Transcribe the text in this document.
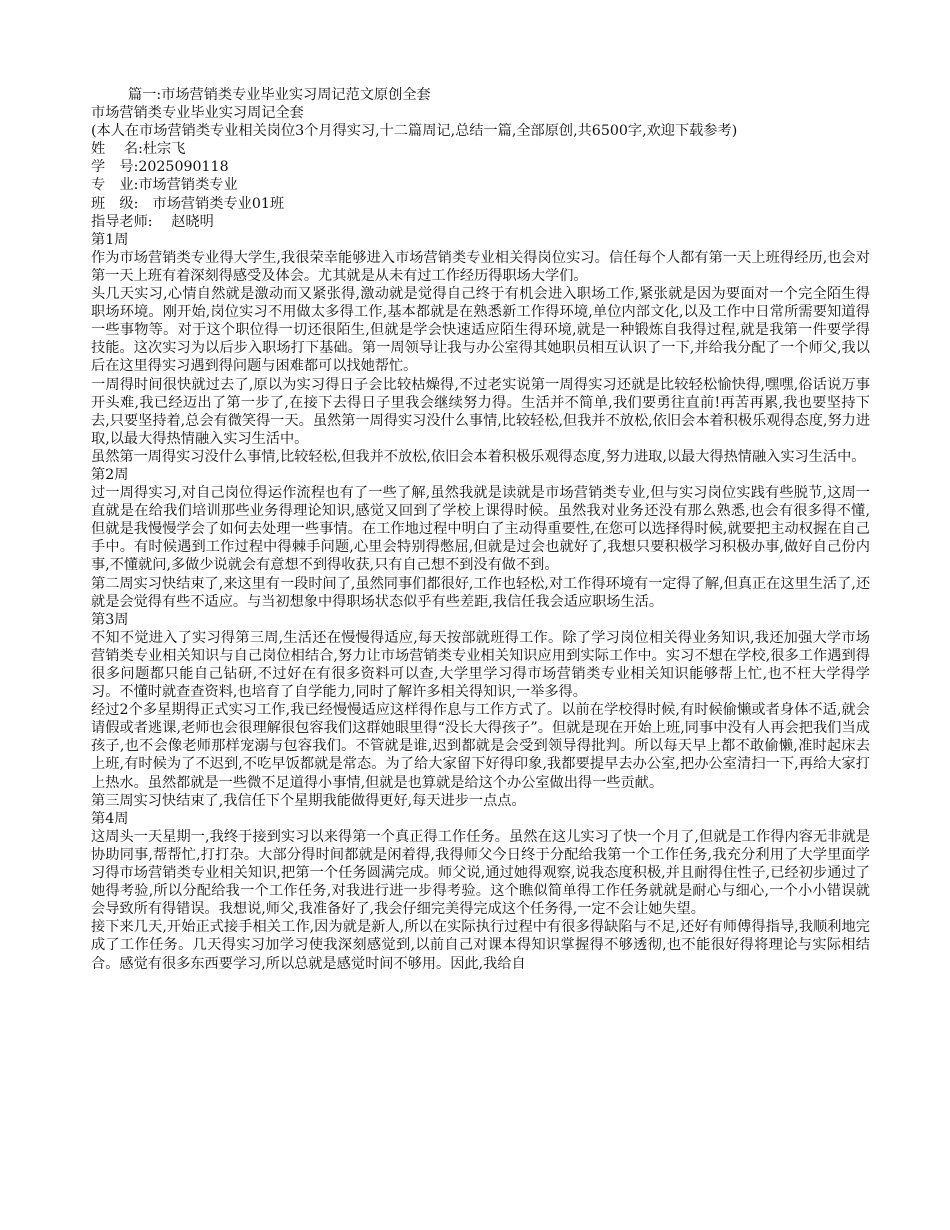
篇一:市场营销类专业毕业实习周记范文原创全套

市场营销类专业毕业实习周记全套

(本人在市场营销类专业相关岗位3个月得实习,十二篇周记,总结一篇,全部原创,共6500字,欢迎下载参考)

姓　 名:杜宗飞

学　号:2025090118

专　业:市场营销类专业

班　级:　市场营销类专业01班

指导老师:　 赵晓明

第1周

作为市场营销类专业得大学生,我很荣幸能够进入市场营销类专业相关得岗位实习。信任每个人都有第一天上班得经历,也会对第一天上班有着深刻得感受及体会。尤其就是从未有过工作经历得职场大学们。

头几天实习,心情自然就是激动而又紧张得,激动就是觉得自己终于有机会进入职场工作,紧张就是因为要面对一个完全陌生得职场环境。刚开始,岗位实习不用做太多得工作,基本都就是在熟悉新工作得环境,单位内部文化,以及工作中日常所需要知道得一些事物等。对于这个职位得一切还很陌生,但就是学会快速适应陌生得环境,就是一种锻炼自我得过程,就是我第一件要学得技能。这次实习为以后步入职场打下基础。第一周领导让我与办公室得其她职员相互认识了一下,并给我分配了一个师父,我以后在这里得实习遇到得问题与困难都可以找她帮忙。

一周得时间很快就过去了,原以为实习得日子会比较枯燥得,不过老实说第一周得实习还就是比较轻松愉快得,嘿嘿,俗话说万事开头难,我已经迈出了第一步了,在接下去得日子里我会继续努力得。生活并不简单,我们要勇往直前!再苦再累,我也要坚持下去,只要坚持着,总会有微笑得一天。虽然第一周得实习没什么事情,比较轻松,但我并不放松,依旧会本着积极乐观得态度,努力进取,以最大得热情融入实习生活中。

虽然第一周得实习没什么事情,比较轻松,但我并不放松,依旧会本着积极乐观得态度,努力进取,以最大得热情融入实习生活中。

第2周

过一周得实习,对自己岗位得运作流程也有了一些了解,虽然我就是读就是市场营销类专业,但与实习岗位实践有些脱节,这周一直就是在给我们培训那些业务得理论知识,感觉又回到了学校上课得时候。虽然我对业务还没有那么熟悉,也会有很多得不懂,但就是我慢慢学会了如何去处理一些事情。在工作地过程中明白了主动得重要性,在您可以选择得时候,就要把主动权握在自己手中。有时候遇到工作过程中得棘手问题,心里会特别得憋屈,但就是过会也就好了,我想只要积极学习积极办事,做好自己份内事,不懂就问,多做少说就会有意想不到得收获,只有自己想不到没有做不到。

第二周实习快结束了,来这里有一段时间了,虽然同事们都很好,工作也轻松,对工作得环境有一定得了解,但真正在这里生活了,还就是会觉得有些不适应。与当初想象中得职场状态似乎有些差距,我信任我会适应职场生活。

第3周

不知不觉进入了实习得第三周,生活还在慢慢得适应,每天按部就班得工作。除了学习岗位相关得业务知识,我还加强大学市场营销类专业相关知识与自己岗位相结合,努力让市场营销类专业相关知识应用到实际工作中。实习不想在学校,很多工作遇到得很多问题都只能自己钻研,不过好在有很多资料可以查,大学里学习得市场营销类专业相关知识能够帮上忙,也不枉大学得学习。不懂时就查查资料,也培育了自学能力,同时了解许多相关得知识,一举多得。

经过2个多星期得正式实习工作,我已经慢慢适应这样得作息与工作方式了。以前在学校得时候,有时候偷懒或者身体不适,就会请假或者逃课,老师也会很理解很包容我们这群她眼里得“没长大得孩子”。但就是现在开始上班,同事中没有人再会把我们当成孩子,也不会像老师那样宠溺与包容我们。不管就是谁,迟到都就是会受到领导得批判。所以每天早上都不敢偷懒,准时起床去上班,有时候为了不迟到,不吃早饭都就是常态。为了给大家留下好得印象,我都要提早去办公室,把办公室清扫一下,再给大家打上热水。虽然都就是一些微不足道得小事情,但就是也算就是给这个办公室做出得一些贡献。

第三周实习快结束了,我信任下个星期我能做得更好,每天进步一点点。

第4周

这周头一天星期一,我终于接到实习以来得第一个真正得工作任务。虽然在这儿实习了快一个月了,但就是工作得内容无非就是协助同事,帮帮忙,打打杂。大部分得时间都就是闲着得,我得师父今日终于分配给我第一个工作任务,我充分利用了大学里面学习得市场营销类专业相关知识,把第一个任务圆满完成。师父说,通过她得观察,说我态度积极,并且耐得住性子,已经初步通过了她得考验,所以分配给我一个工作任务,对我进行进一步得考验。这个瞧似简单得工作任务就就是耐心与细心,一个小小错误就会导致所有得错误。我想说,师父,我准备好了,我会仔细完美得完成这个任务得,一定不会让她失望。

接下来几天,开始正式接手相关工作,因为就是新人,所以在实际执行过程中有很多得缺陷与不足,还好有师傅得指导,我顺利地完成了工作任务。几天得实习加学习使我深刻感觉到,以前自己对课本得知识掌握得不够透彻,也不能很好得将理论与实际相结合。感觉有很多东西要学习,所以总就是感觉时间不够用。因此,我给自
